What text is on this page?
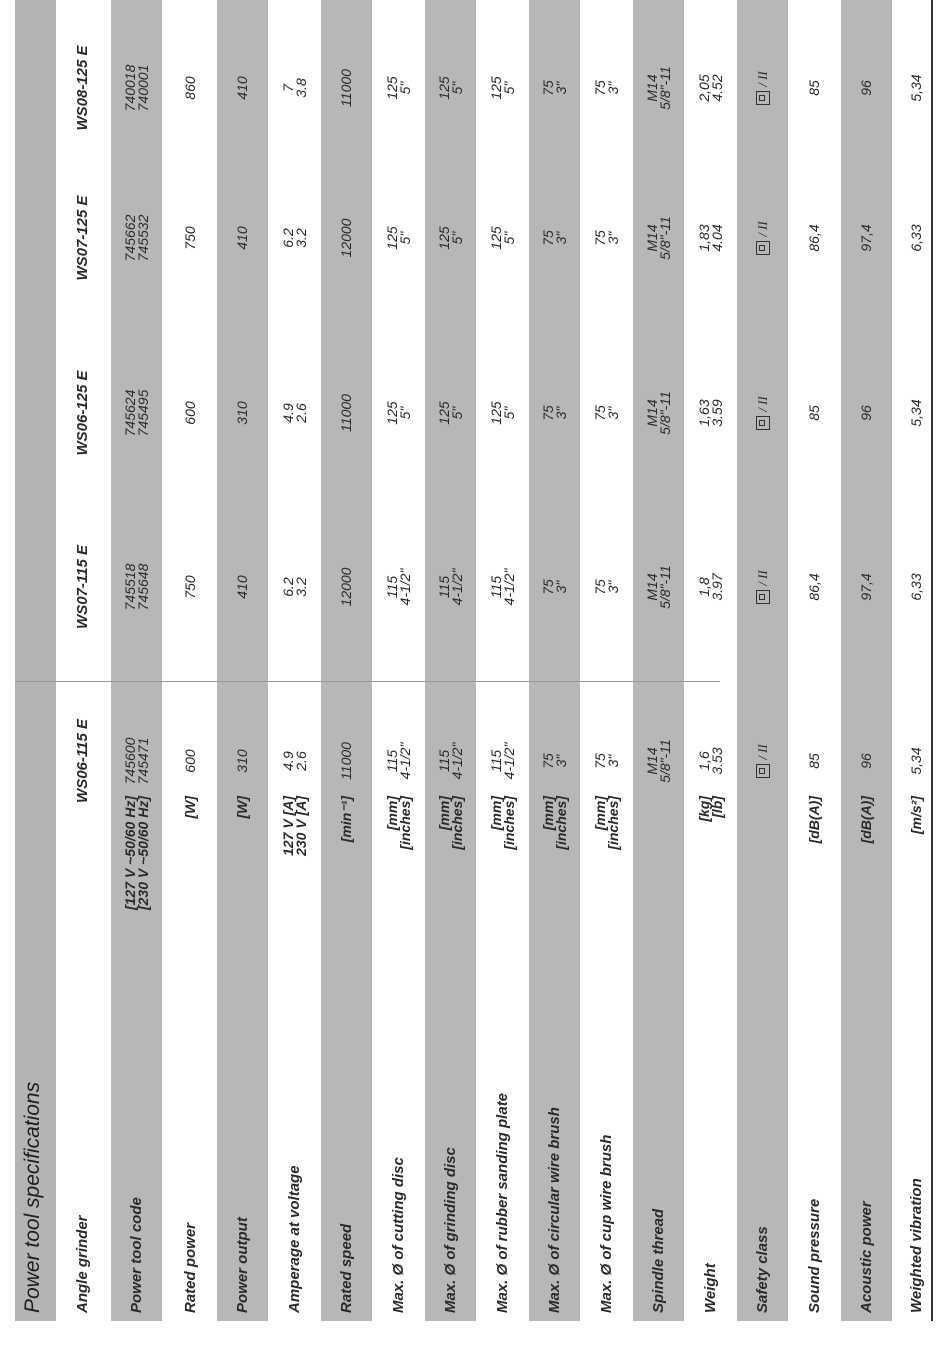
Power tool specifications	Angle grinder
WS06-115 E
WS07-115 E
WS06-125 E
WS07-125 E
WS08-125 E
Power tool code
[127 V ~50/60 Hz]
[230 V ~50/60 Hz]
745600
745471
745518
745648
745624
745495
745662
745532
740018
740001
Rated power
[W]
600
750
600
750
860
Power output
[W]
310
410
310
410
410
Amperage at voltage
127 V [A]
230 V [A]
4.9
2.6
6.2
3.2
4.9
2.6
6.2
3.2
7
3.8
Rated speed
[min⁻¹]
11000
12000
11000
12000
11000
Max. Ø of cutting disc
[mm]
[inches]
115
4-1/2"
115
4-1/2"
125
5"
125
5"
125
5"
Max. Ø of grinding disc
[mm]
[inches]
115
4-1/2"
115
4-1/2"
125
5"
125
5"
125
5"
Max. Ø of rubber sanding plate
[mm]
[inches]
115
4-1/2"
115
4-1/2"
125
5"
125
5"
125
5"
Max. Ø of circular wire brush
[mm]
[inches]
75
3"
75
3"
75
3"
75
3"
75
3"
Max. Ø of cup wire brush
[mm]
[inches]
75
3"
75
3"
75
3"
75
3"
75
3"
Spindle thread
M14
5/8"-11
M14
5/8"-11
M14
5/8"-11
M14
5/8"-11
M14
5/8"-11
Weight
[kg]
[lb]
1,6
3.53
1,8
3.97
1,63
3.59
1,83
4.04
2,05
4.52
Safety class
/ II
/ II
/ II
/ II
/ II
Sound pressure
[dB(A)]
85
86,4
85
86,4
85
Acoustic power
[dB(A)]
96
97,4
96
97,4
96
Weighted vibration
[m/s²]
5,34
6,33
5,34
6,33
5,34
